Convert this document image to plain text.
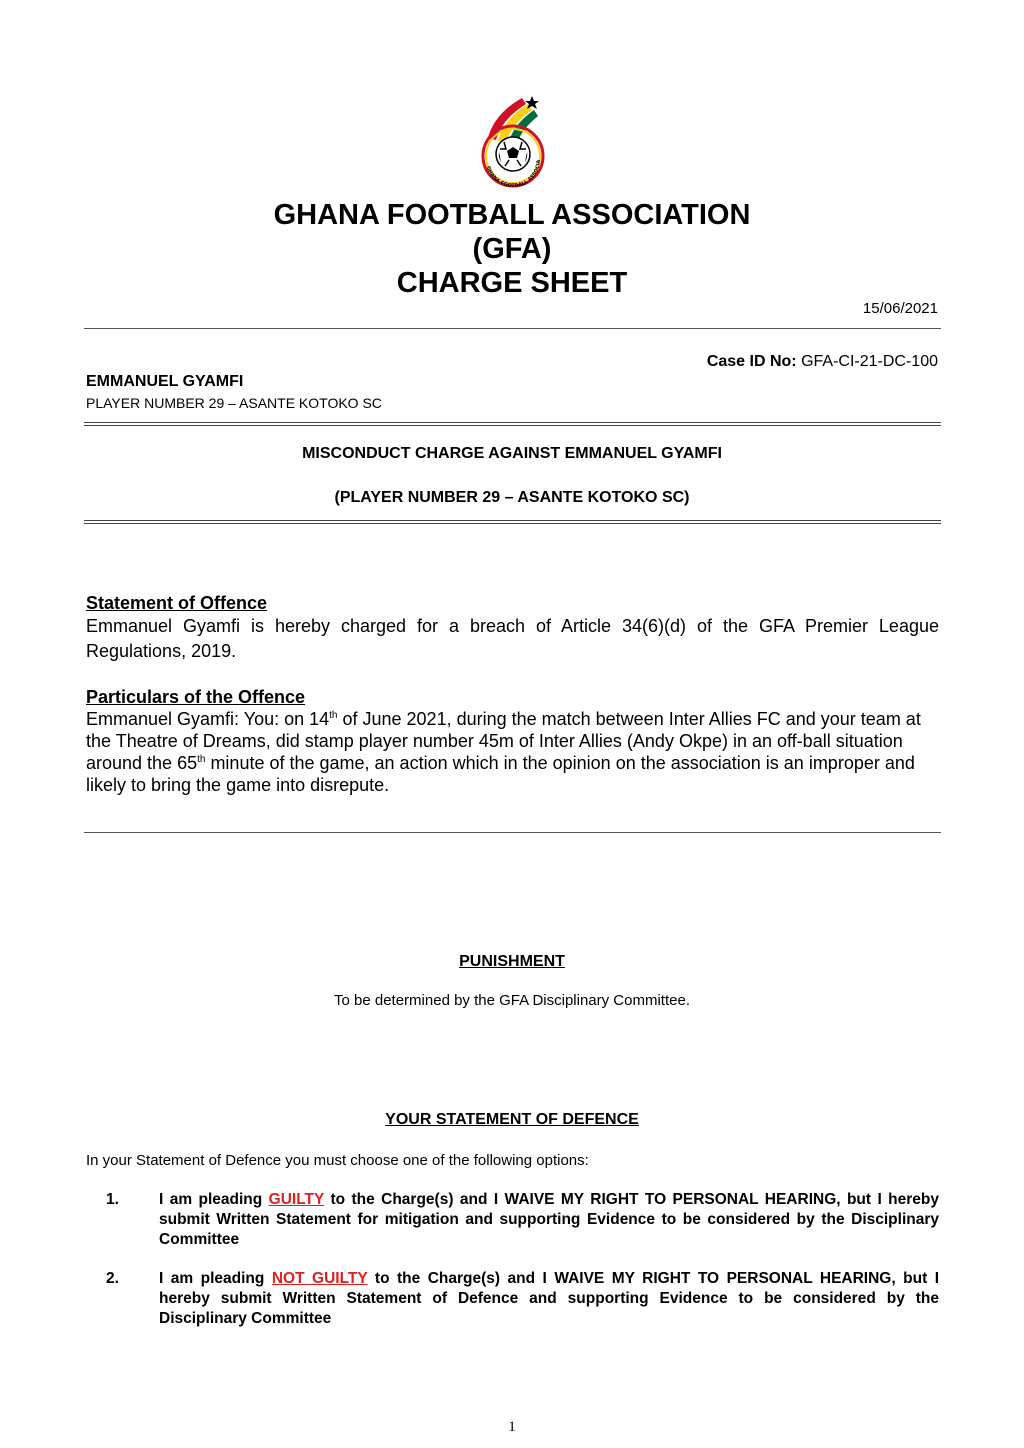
GHANA FOOTBALL ASSOCIA
GHANA FOOTBALL ASSOCIATION
(GFA)
CHARGE SHEET
15/06/2021
Case ID No: GFA-CI-21-DC-100
EMMANUEL GYAMFI
PLAYER NUMBER 29 – ASANTE KOTOKO SC
MISCONDUCT CHARGE AGAINST EMMANUEL GYAMFI
(PLAYER NUMBER 29 – ASANTE KOTOKO SC)
Statement of Offence
Emmanuel Gyamfi is hereby charged for a breach of Article 34(6)(d) of the GFA Premier League Regulations, 2019.
Particulars of the Offence
Emmanuel Gyamfi: You: on 14th of June 2021, during the match between Inter Allies FC and your team at the Theatre of Dreams, did stamp player number 45m of Inter Allies (Andy Okpe) in an off-ball situation around the 65th minute of the game, an action which in the opinion on the association is an improper and likely to bring the game into disrepute.
PUNISHMENT
To be determined by the GFA Disciplinary Committee.
YOUR STATEMENT OF DEFENCE
In your Statement of Defence you must choose one of the following options:
1.	I am pleading GUILTY to the Charge(s) and I WAIVE MY RIGHT TO PERSONAL HEARING, but I hereby submit Written Statement for mitigation and supporting Evidence to be considered by the Disciplinary Committee
2.	I am pleading NOT GUILTY to the Charge(s) and I WAIVE MY RIGHT TO PERSONAL HEARING, but I hereby submit Written Statement of Defence and supporting Evidence to be considered by the Disciplinary Committee
1
